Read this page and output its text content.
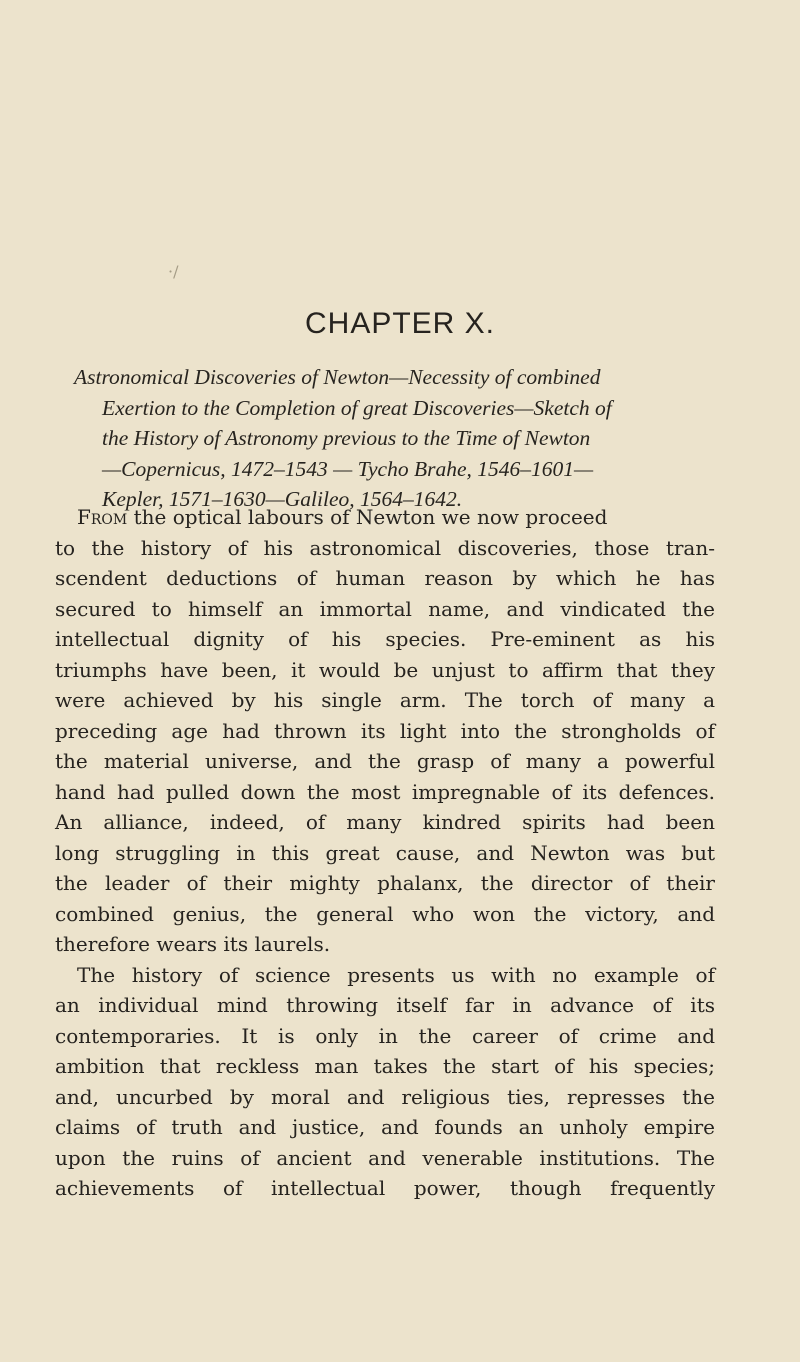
·/
CHAPTER X.
Astronomical Discoveries of Newton—Necessity of combined
Exertion to the Completion of great Discoveries—Sketch of
the History of Astronomy previous to the Time of Newton
—Copernicus, 1472–1543 — Tycho Brahe, 1546–1601—
Kepler, 1571–1630—Galileo, 1564–1642.
From the optical labours of Newton we now proceed
to the history of his astronomical discoveries, those tran-
scendent deductions of human reason by which he has
secured to himself an immortal name, and vindicated the
intellectual dignity of his species. Pre-eminent as his
triumphs have been, it would be unjust to affirm that they
were achieved by his single arm. The torch of many a
preceding age had thrown its light into the strongholds of
the material universe, and the grasp of many a powerful
hand had pulled down the most impregnable of its defences.
An alliance, indeed, of many kindred spirits had been
long struggling in this great cause, and Newton was but
the leader of their mighty phalanx, the director of their
combined genius, the general who won the victory, and
therefore wears its laurels.
The history of science presents us with no example of
an individual mind throwing itself far in advance of its
contemporaries. It is only in the career of crime and
ambition that reckless man takes the start of his species;
and, uncurbed by moral and religious ties, represses the
claims of truth and justice, and founds an unholy empire
upon the ruins of ancient and venerable institutions. The
achievements of intellectual power, though frequently
